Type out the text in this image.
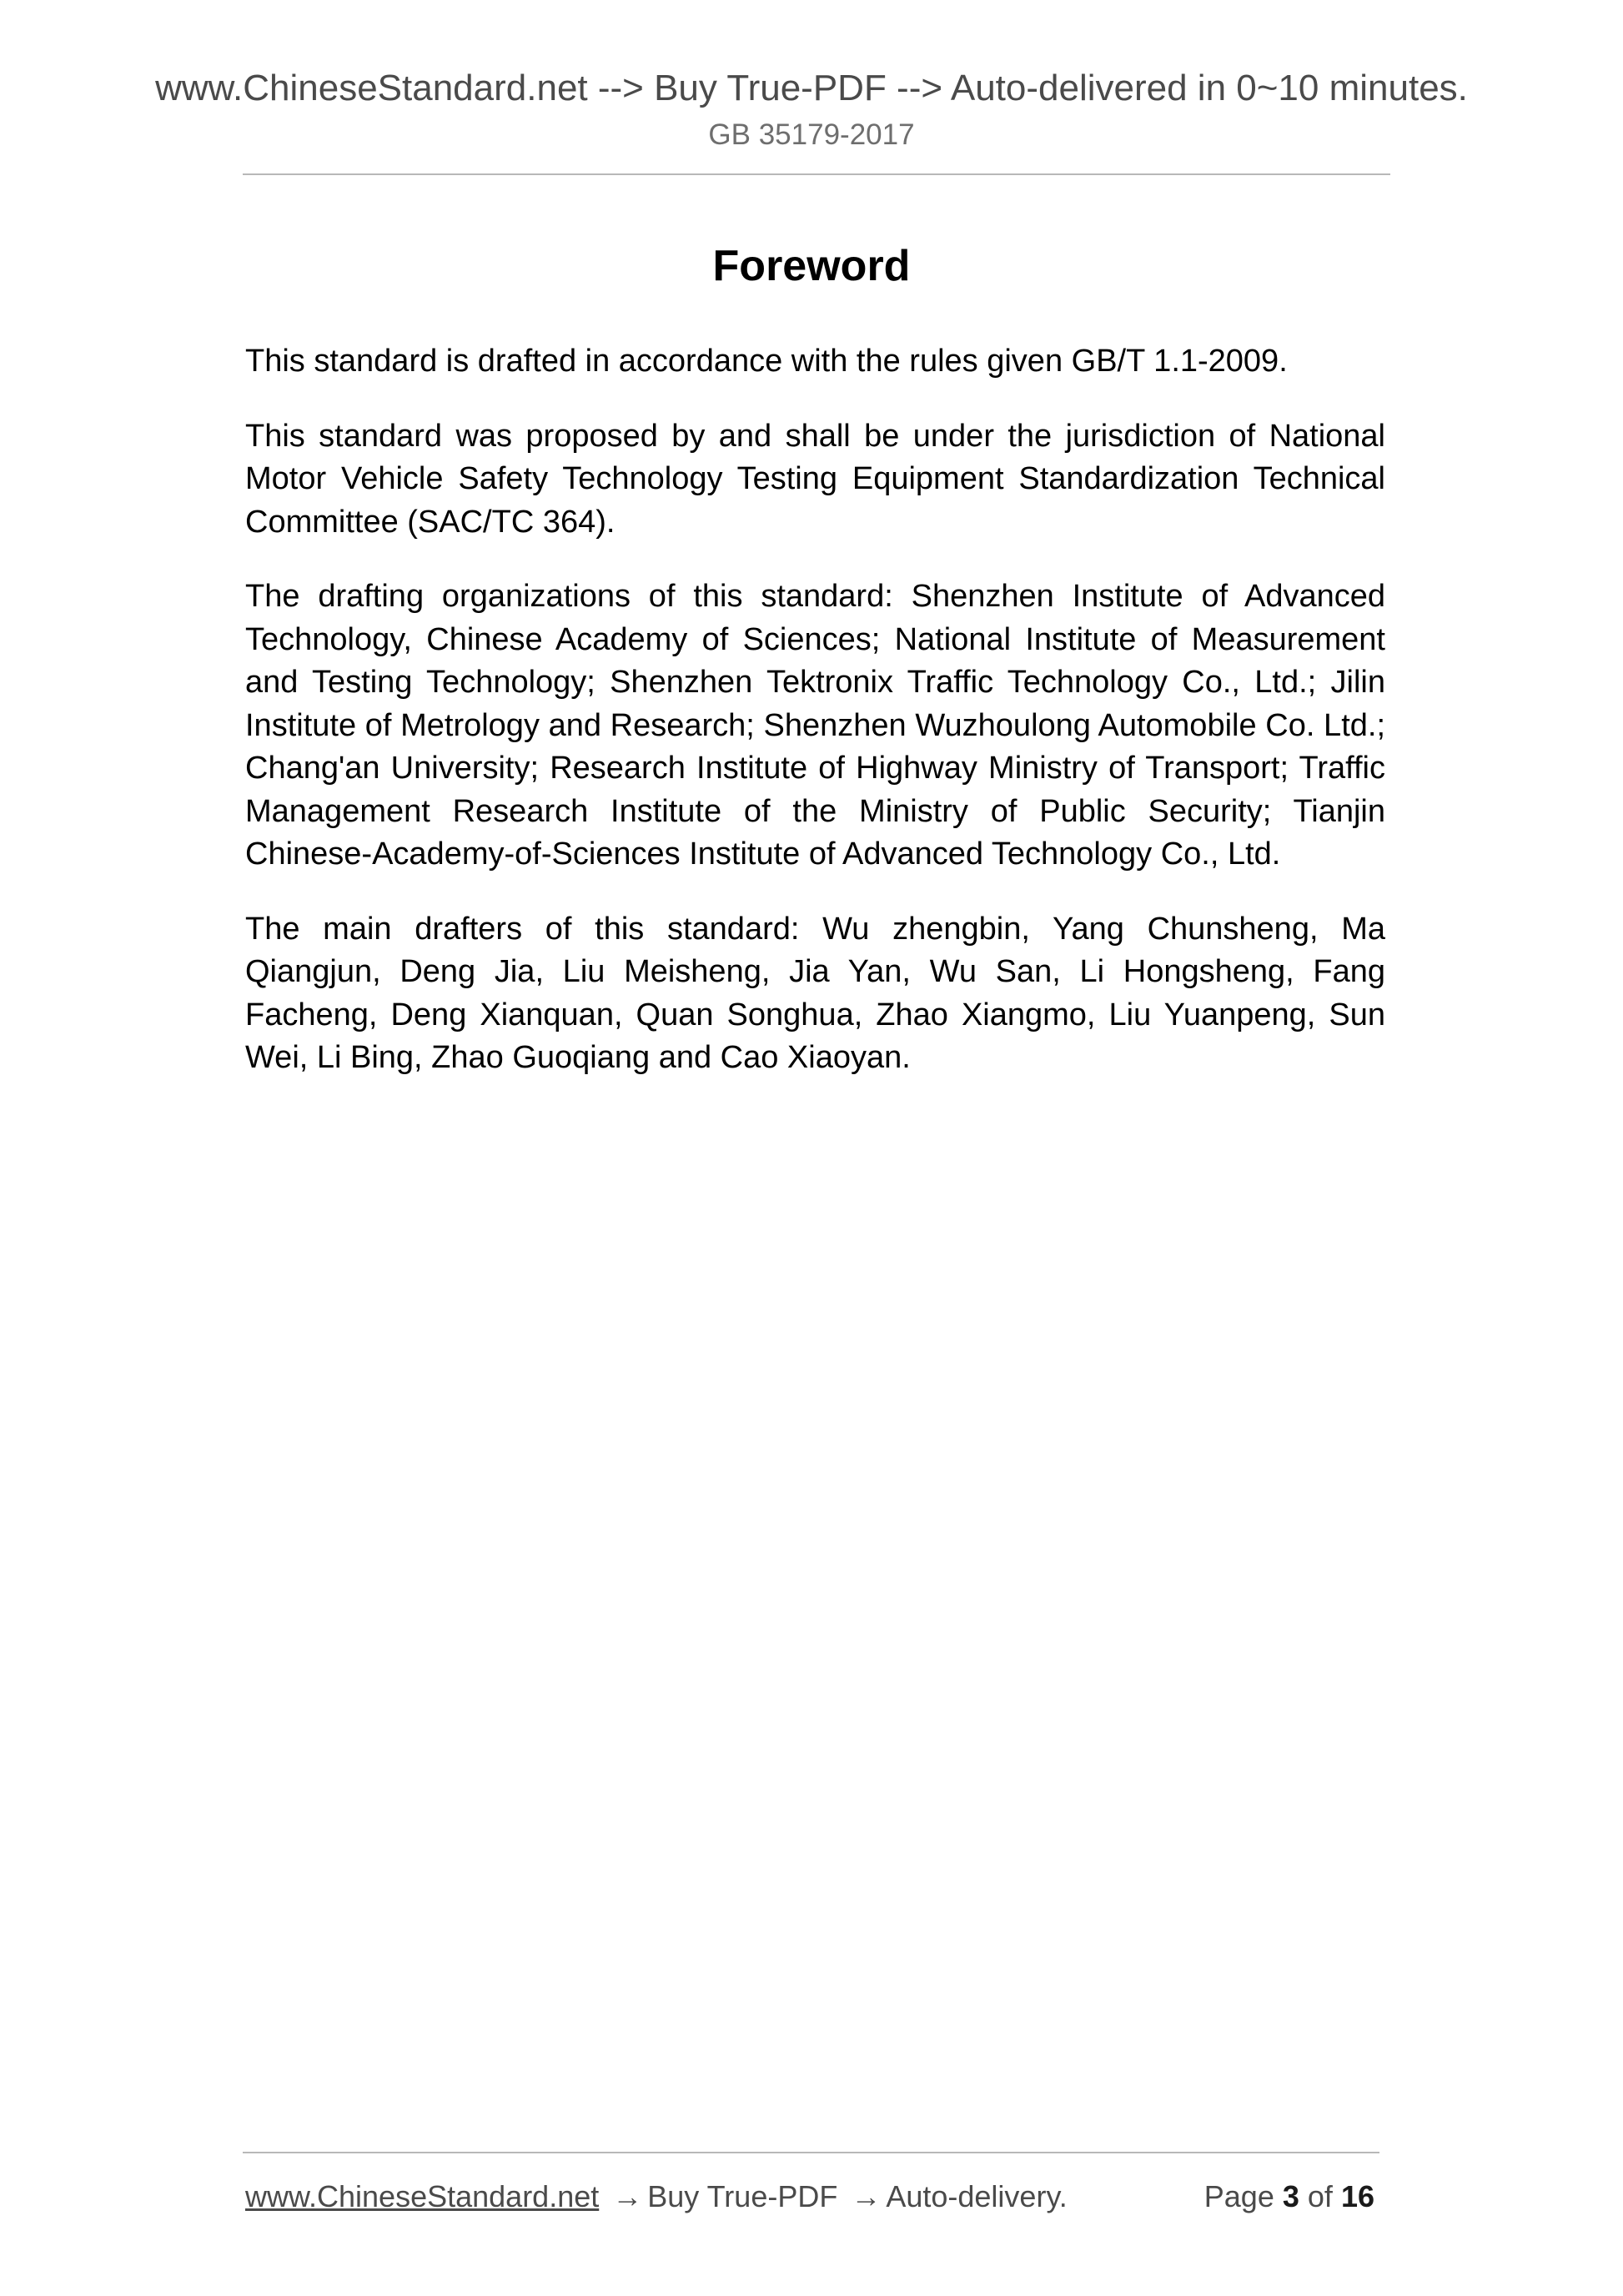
www.ChineseStandard.net --> Buy True-PDF --> Auto-delivered in 0~10 minutes.
GB 35179-2017
Foreword

This standard is drafted in accordance with the rules given GB/T 1.1-2009.

This standard was proposed by and shall be under the jurisdiction of National Motor Vehicle Safety Technology Testing Equipment Standardization Technical Committee (SAC/TC 364).

The drafting organizations of this standard: Shenzhen Institute of Advanced Technology, Chinese Academy of Sciences; National Institute of Measurement and Testing Technology; Shenzhen Tektronix Traffic Technology Co., Ltd.; Jilin Institute of Metrology and Research; Shenzhen Wuzhoulong Automobile Co. Ltd.; Chang'an University; Research Institute of Highway Ministry of Transport; Traffic Management Research Institute of the Ministry of Public Security; Tianjin Chinese-Academy-of-Sciences Institute of Advanced Technology Co., Ltd.

The main drafters of this standard: Wu zhengbin, Yang Chunsheng, Ma Qiangjun, Deng Jia, Liu Meisheng, Jia Yan, Wu San, Li Hongsheng, Fang Facheng, Deng Xianquan, Quan Songhua, Zhao Xiangmo, Liu Yuanpeng, Sun Wei, Li Bing, Zhao Guoqiang and Cao Xiaoyan.

www.ChineseStandard.net → Buy True-PDF → Auto-delivery.	Page 3 of 16
